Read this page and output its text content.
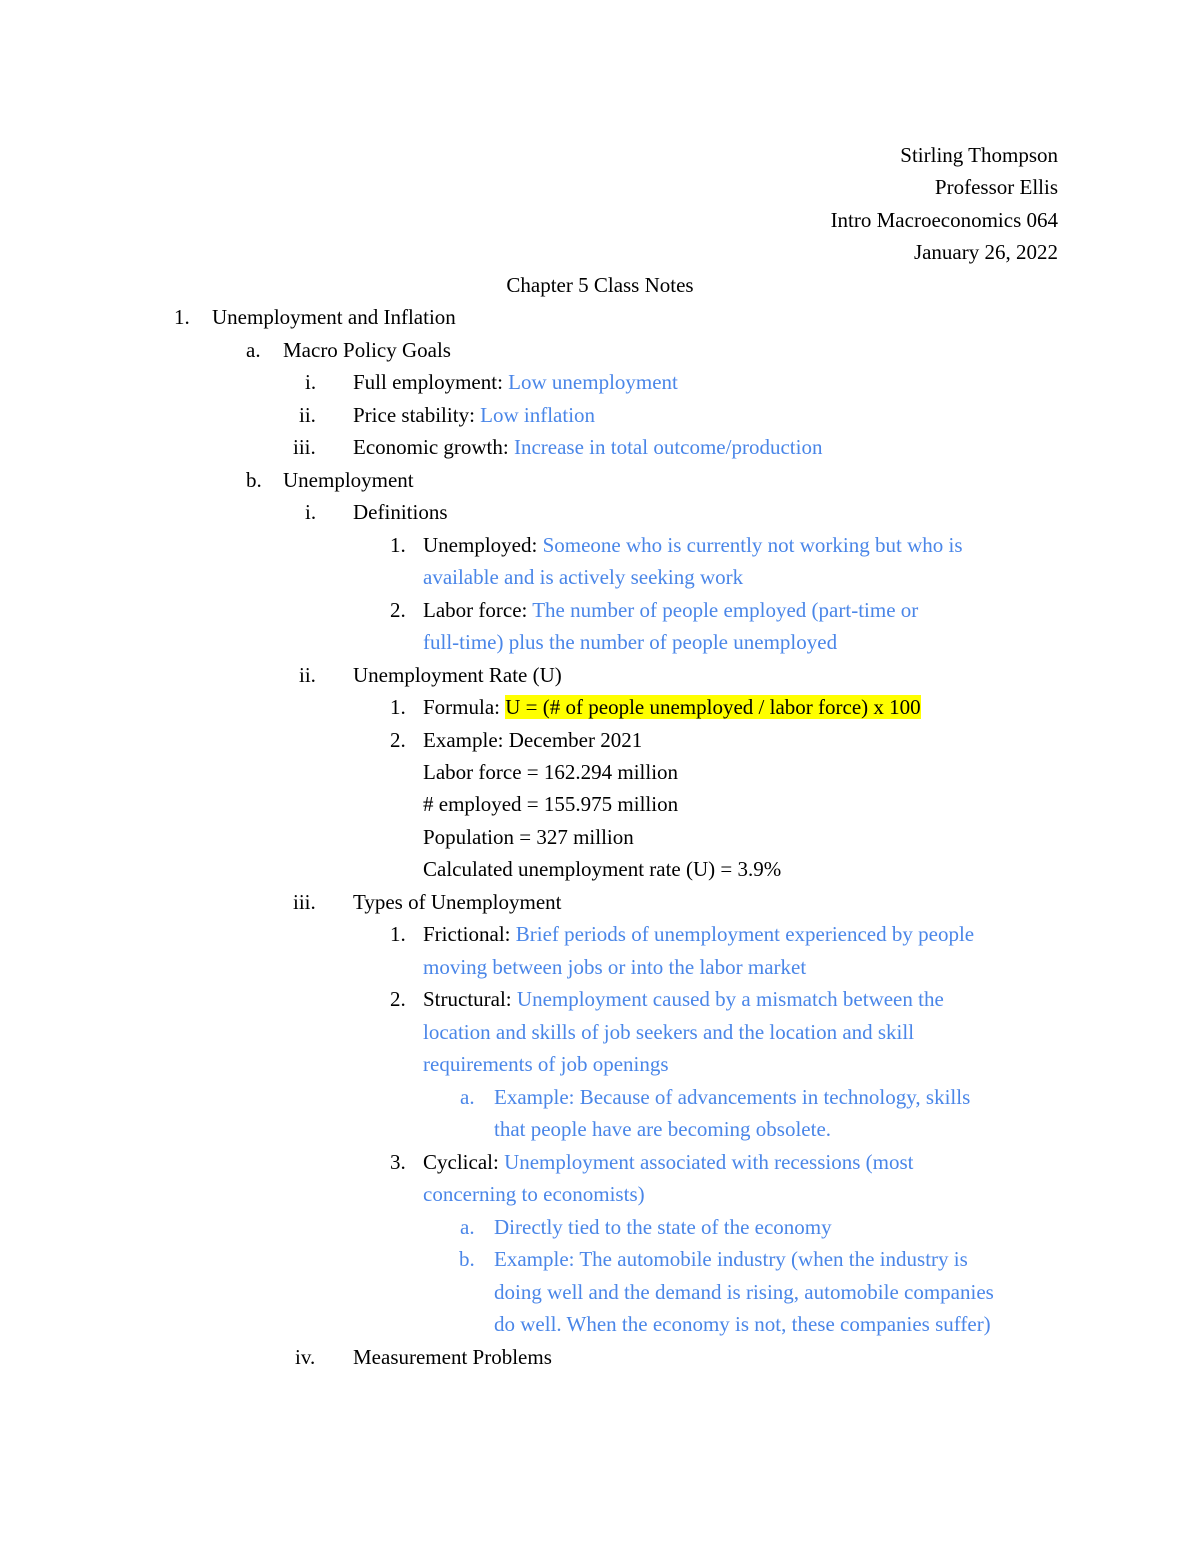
Stirling Thompson
Professor Ellis
Intro Macroeconomics 064
January 26, 2022
Chapter 5 Class Notes
1. Unemployment and Inflation
a. Macro Policy Goals
i. Full employment: Low unemployment
ii. Price stability: Low inflation
iii. Economic growth: Increase in total outcome/production
b. Unemployment
i. Definitions
1. Unemployed: Someone who is currently not working but who is
available and is actively seeking work
2. Labor force: The number of people employed (part-time or
full-time) plus the number of people unemployed
ii. Unemployment Rate (U)
1. Formula: U = (# of people unemployed / labor force) x 100
2. Example: December 2021
Labor force = 162.294 million
# employed = 155.975 million
Population = 327 million
Calculated unemployment rate (U) = 3.9%
iii. Types of Unemployment
1. Frictional: Brief periods of unemployment experienced by people
moving between jobs or into the labor market
2. Structural: Unemployment caused by a mismatch between the
location and skills of job seekers and the location and skill
requirements of job openings
a. Example: Because of advancements in technology, skills
that people have are becoming obsolete.
3. Cyclical: Unemployment associated with recessions (most
concerning to economists)
a. Directly tied to the state of the economy
b. Example: The automobile industry (when the industry is
doing well and the demand is rising, automobile companies
do well. When the economy is not, these companies suffer)
iv. Measurement Problems
